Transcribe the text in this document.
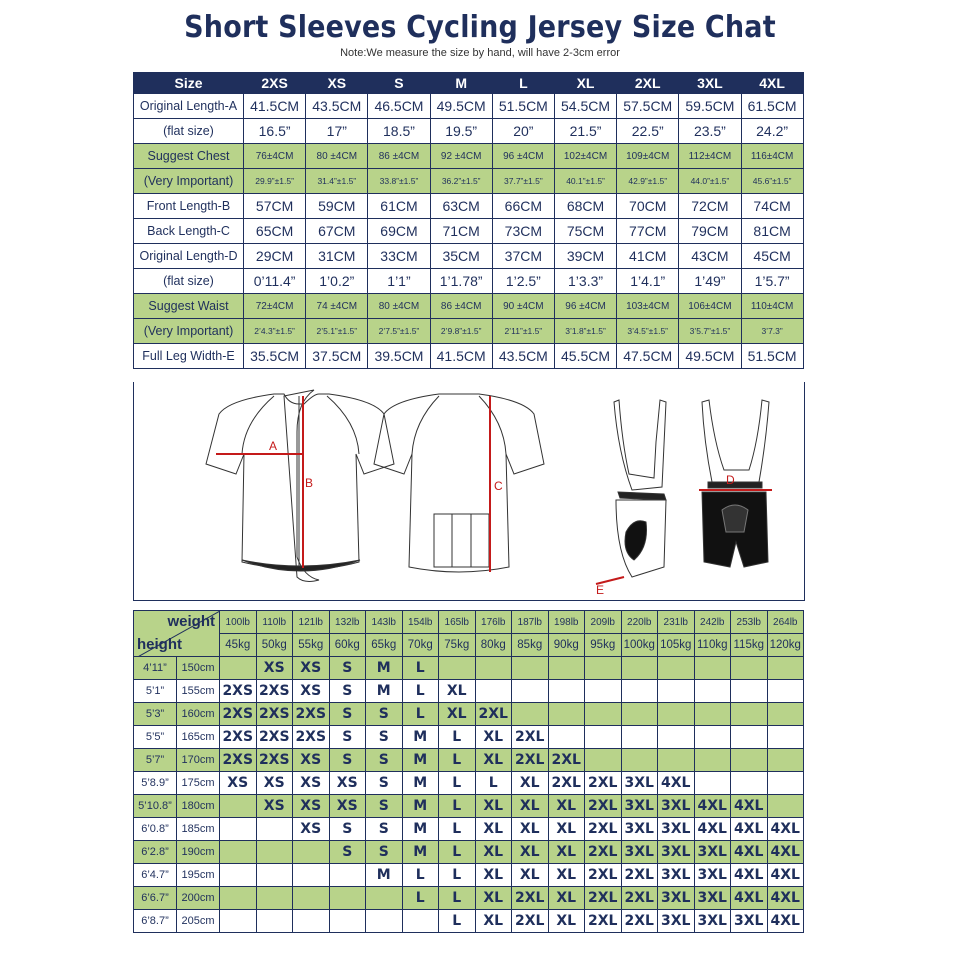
Short Sleeves Cycling Jersey Size Chat
Note:We measure the size by hand, will have 2-3cm error
Size	2XS	XS	S	M	L	XL	2XL	3XL	4XL
Original Length-A	41.5CM	43.5CM	46.5CM	49.5CM	51.5CM	54.5CM	57.5CM	59.5CM	61.5CM
(flat size)	16.5”	17”	18.5”	19.5”	20”	21.5”	22.5”	23.5”	24.2”
Suggest Chest	76±4CM	80 ±4CM	86 ±4CM	92 ±4CM	96 ±4CM	102±4CM	109±4CM	112±4CM	116±4CM
(Very Important)	29.9”±1.5”	31.4”±1.5”	33.8”±1.5”	36.2”±1.5”	37.7”±1.5”	40.1”±1.5”	42.9”±1.5”	44.0”±1.5”	45.6”±1.5”
Front Length-B	57CM	59CM	61CM	63CM	66CM	68CM	70CM	72CM	74CM
Back Length-C	65CM	67CM	69CM	71CM	73CM	75CM	77CM	79CM	81CM
Original Length-D	29CM	31CM	33CM	35CM	37CM	39CM	41CM	43CM	45CM
(flat size)	0’11.4”	1’0.2”	1’1”	1’1.78”	1’2.5”	1’3.3”	1’4.1”	1’49”	1’5.7”
Suggest Waist	72±4CM	74 ±4CM	80 ±4CM	86 ±4CM	90 ±4CM	96 ±4CM	103±4CM	106±4CM	110±4CM
(Very Important)	2’4.3”±1.5”	2’5.1”±1.5”	2’7.5”±1.5”	2’9.8”±1.5”	2’11”±1.5”	3’1.8”±1.5”	3’4.5”±1.5”	3’5.7”±1.5”	3’7.3”
Full Leg Width-E	35.5CM	37.5CM	39.5CM	41.5CM	43.5CM	45.5CM	47.5CM	49.5CM	51.5CM
A
B	C
E
D
weight
height		100lb	110lb	121lb	132lb	143lb	154lb	165lb	176lb	187lb	198lb	209lb	220lb	231lb	242lb	253lb	264lb
		45kg	50kg	55kg	60kg	65kg	70kg	75kg	80kg	85kg	90kg	95kg	100kg	105kg	110kg	115kg	120kg
4’11”	150cm		XS	XS	S	M	L										
5’1”	155cm	2XS	2XS	XS	S	M	L	XL									
5’3”	160cm	2XS	2XS	2XS	S	S	L	XL	2XL								
5’5”	165cm	2XS	2XS	2XS	S	S	M	L	XL	2XL							
5’7”	170cm	2XS	2XS	XS	S	S	M	L	XL	2XL	2XL						
5’8.9”	175cm	XS	XS	XS	XS	S	M	L	L	XL	2XL	2XL	3XL	4XL			
5’10.8”	180cm		XS	XS	XS	S	M	L	XL	XL	XL	2XL	3XL	3XL	4XL	4XL	
6’0.8”	185cm			XS	S	S	M	L	XL	XL	XL	2XL	3XL	3XL	4XL	4XL	4XL
6’2.8”	190cm				S	S	M	L	XL	XL	XL	2XL	3XL	3XL	3XL	4XL	4XL
6’4.7”	195cm					M	L	L	XL	XL	XL	2XL	2XL	3XL	3XL	4XL	4XL
6’6.7”	200cm						L	L	XL	2XL	XL	2XL	2XL	3XL	3XL	4XL	4XL
6’8.7”	205cm							L	XL	2XL	XL	2XL	2XL	3XL	3XL	3XL	4XL
